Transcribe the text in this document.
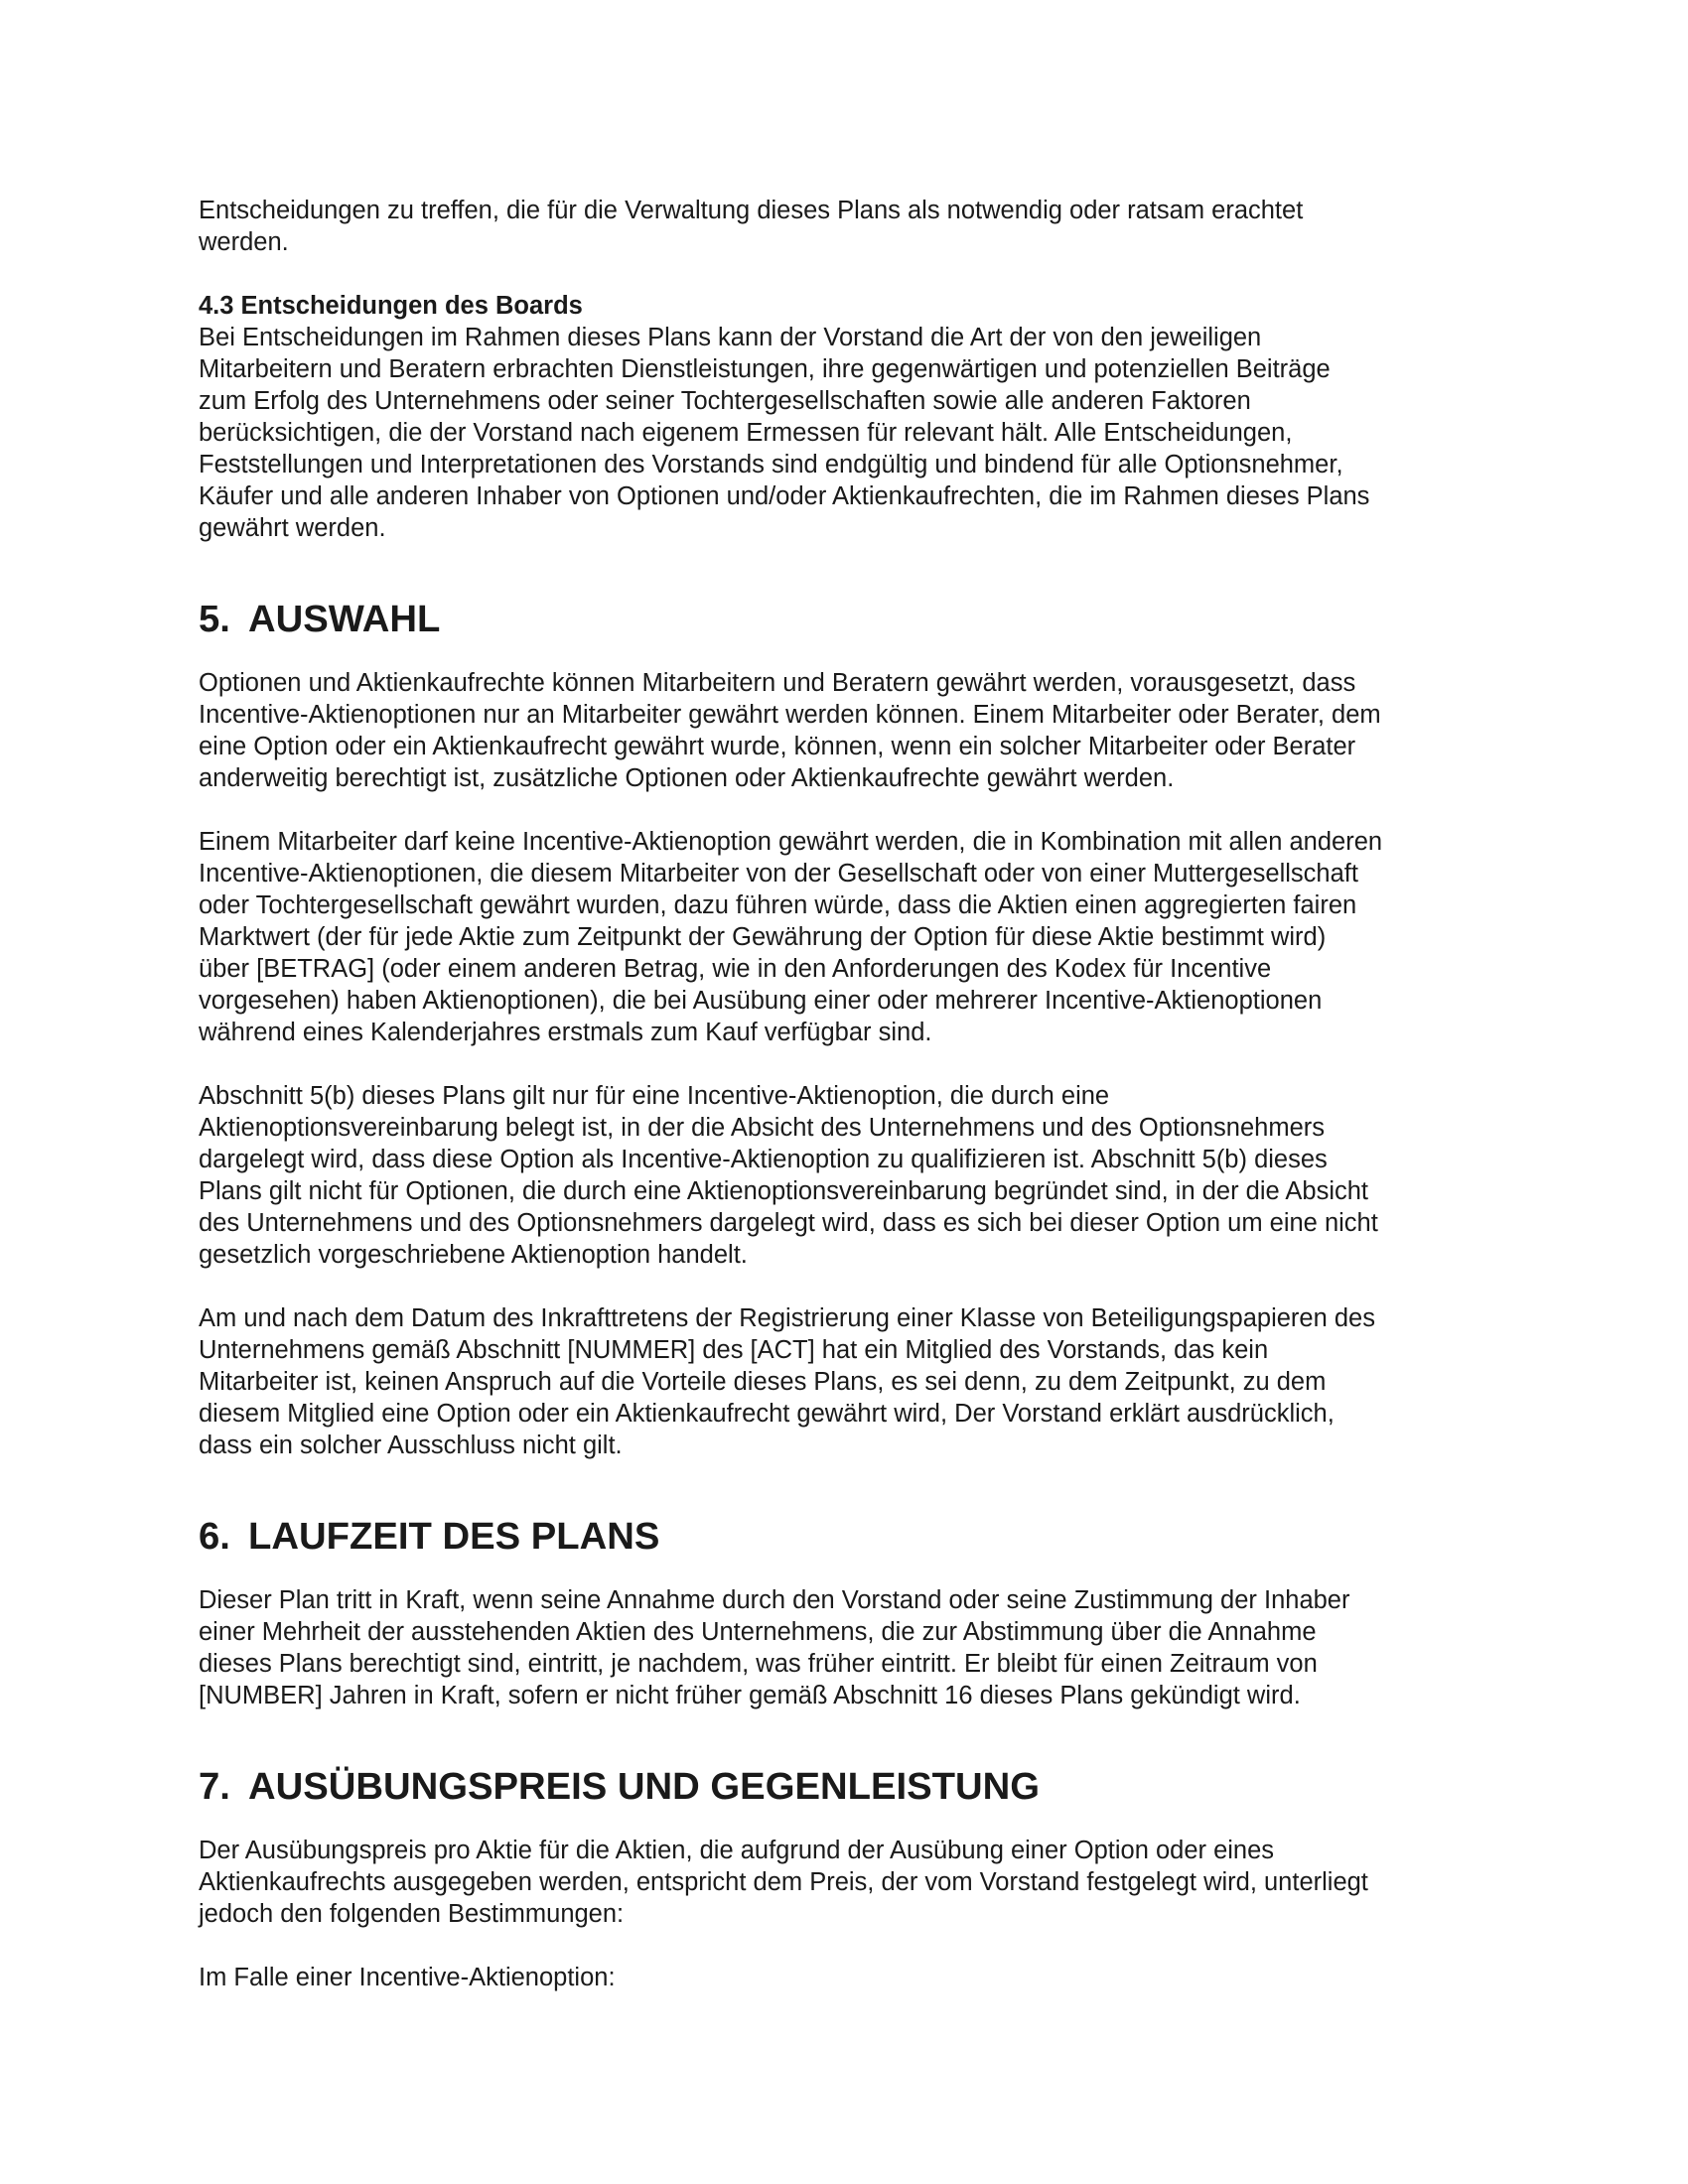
Entscheidungen zu treffen, die für die Verwaltung dieses Plans als notwendig oder ratsam erachtet
werden.

4.3 Entscheidungen des Boards

Bei Entscheidungen im Rahmen dieses Plans kann der Vorstand die Art der von den jeweiligen
Mitarbeitern und Beratern erbrachten Dienstleistungen, ihre gegenwärtigen und potenziellen Beiträge
zum Erfolg des Unternehmens oder seiner Tochtergesellschaften sowie alle anderen Faktoren
berücksichtigen, die der Vorstand nach eigenem Ermessen für relevant hält. Alle Entscheidungen,
Feststellungen und Interpretationen des Vorstands sind endgültig und bindend für alle Optionsnehmer,
Käufer und alle anderen Inhaber von Optionen und/oder Aktienkaufrechten, die im Rahmen dieses Plans
gewährt werden.

5. AUSWAHL

Optionen und Aktienkaufrechte können Mitarbeitern und Beratern gewährt werden, vorausgesetzt, dass
Incentive-Aktienoptionen nur an Mitarbeiter gewährt werden können. Einem Mitarbeiter oder Berater, dem
eine Option oder ein Aktienkaufrecht gewährt wurde, können, wenn ein solcher Mitarbeiter oder Berater
anderweitig berechtigt ist, zusätzliche Optionen oder Aktienkaufrechte gewährt werden.

Einem Mitarbeiter darf keine Incentive-Aktienoption gewährt werden, die in Kombination mit allen anderen
Incentive-Aktienoptionen, die diesem Mitarbeiter von der Gesellschaft oder von einer Muttergesellschaft
oder Tochtergesellschaft gewährt wurden, dazu führen würde, dass die Aktien einen aggregierten fairen
Marktwert (der für jede Aktie zum Zeitpunkt der Gewährung der Option für diese Aktie bestimmt wird)
über [BETRAG] (oder einem anderen Betrag, wie in den Anforderungen des Kodex für Incentive
vorgesehen) haben Aktienoptionen), die bei Ausübung einer oder mehrerer Incentive-Aktienoptionen
während eines Kalenderjahres erstmals zum Kauf verfügbar sind.

Abschnitt 5(b) dieses Plans gilt nur für eine Incentive-Aktienoption, die durch eine
Aktienoptionsvereinbarung belegt ist, in der die Absicht des Unternehmens und des Optionsnehmers
dargelegt wird, dass diese Option als Incentive-Aktienoption zu qualifizieren ist. Abschnitt 5(b) dieses
Plans gilt nicht für Optionen, die durch eine Aktienoptionsvereinbarung begründet sind, in der die Absicht
des Unternehmens und des Optionsnehmers dargelegt wird, dass es sich bei dieser Option um eine nicht
gesetzlich vorgeschriebene Aktienoption handelt.

Am und nach dem Datum des Inkrafttretens der Registrierung einer Klasse von Beteiligungspapieren des
Unternehmens gemäß Abschnitt [NUMMER] des [ACT] hat ein Mitglied des Vorstands, das kein
Mitarbeiter ist, keinen Anspruch auf die Vorteile dieses Plans, es sei denn, zu dem Zeitpunkt, zu dem
diesem Mitglied eine Option oder ein Aktienkaufrecht gewährt wird, Der Vorstand erklärt ausdrücklich,
dass ein solcher Ausschluss nicht gilt.

6. LAUFZEIT DES PLANS

Dieser Plan tritt in Kraft, wenn seine Annahme durch den Vorstand oder seine Zustimmung der Inhaber
einer Mehrheit der ausstehenden Aktien des Unternehmens, die zur Abstimmung über die Annahme
dieses Plans berechtigt sind, eintritt, je nachdem, was früher eintritt. Er bleibt für einen Zeitraum von
[NUMBER] Jahren in Kraft, sofern er nicht früher gemäß Abschnitt 16 dieses Plans gekündigt wird.

7. AUSÜBUNGSPREIS UND GEGENLEISTUNG

Der Ausübungspreis pro Aktie für die Aktien, die aufgrund der Ausübung einer Option oder eines
Aktienkaufrechts ausgegeben werden, entspricht dem Preis, der vom Vorstand festgelegt wird, unterliegt
jedoch den folgenden Bestimmungen:

Im Falle einer Incentive-Aktienoption:
